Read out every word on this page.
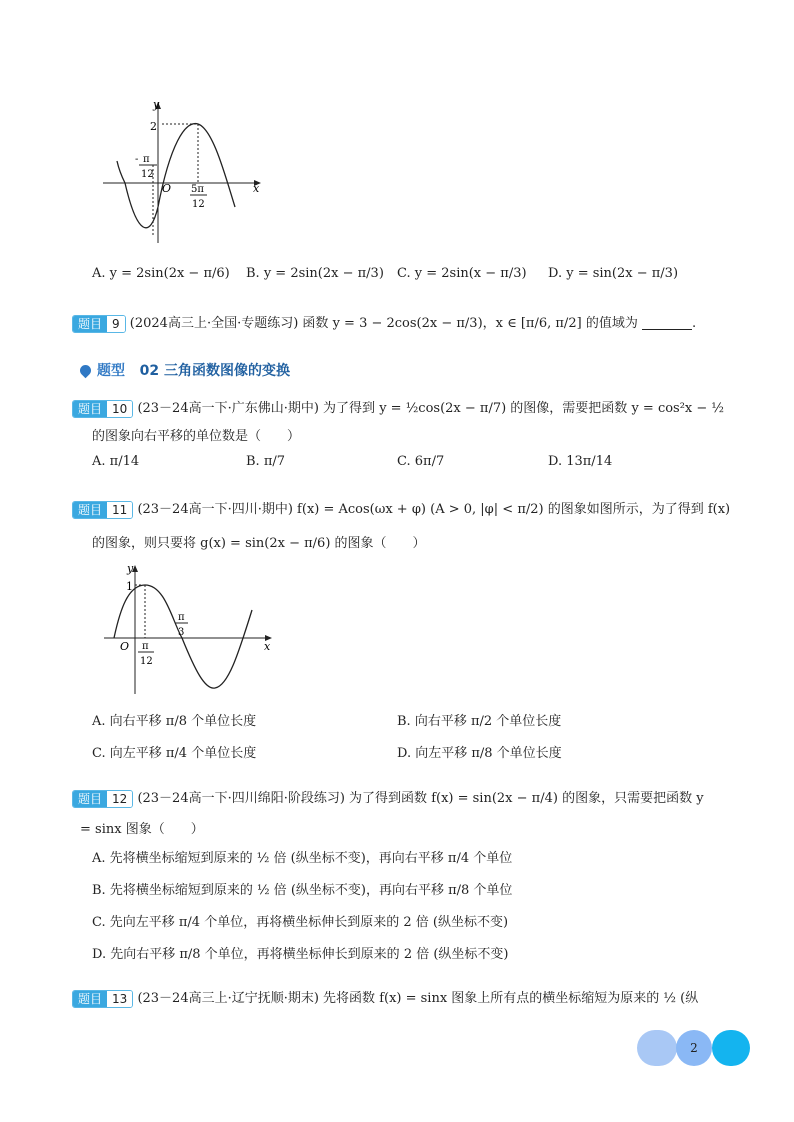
y
x
O
2
- π
12
5π
12
A. y = 2sin(2x − π/6) B. y = 2sin(2x − π/3) C. y = 2sin(x − π/3) D. y = sin(2x − π/3)
题目 9 (2024高三上·全国·专题练习) 函数 y = 3 − 2cos(2x − π/3)，x ∈ [π/6, π/2] 的值域为	.
题型 02 三角函数图像的变换
题目 10 (23－24高一下·广东佛山·期中) 为了得到 y = ½cos(2x − π/7) 的图像，需要把函数 y = cos²x − ½
的图象向右平移的单位数是（　　）
A. π/14	B. π/7	C. 6π/7	D. 13π/14
题目 11 (23－24高一下·四川·期中) f(x) = Acos(ωx + φ) (A > 0, |φ| < π/2) 的图象如图所示，为了得到 f(x)
的图象，则只要将 g(x) = sin(2x − π/6) 的图象（　　）
y
x
O
1
π
3
π
12
A. 向右平移 π/8 个单位长度	B. 向右平移 π/2 个单位长度
C. 向左平移 π/4 个单位长度	D. 向左平移 π/8 个单位长度
题目 12 (23－24高一下·四川绵阳·阶段练习) 为了得到函数 f(x) = sin(2x − π/4) 的图象，只需要把函数 y
= sinx 图象（　　）
A. 先将横坐标缩短到原来的 ½ 倍 (纵坐标不变)，再向右平移 π/4 个单位
B. 先将横坐标缩短到原来的 ½ 倍 (纵坐标不变)，再向右平移 π/8 个单位
C. 先向左平移 π/4 个单位，再将横坐标伸长到原来的 2 倍 (纵坐标不变)
D. 先向右平移 π/8 个单位，再将横坐标伸长到原来的 2 倍 (纵坐标不变)
题目 13 (23－24高三上·辽宁抚顺·期末) 先将函数 f(x) = sinx 图象上所有点的横坐标缩短为原来的 ½ (纵
2
